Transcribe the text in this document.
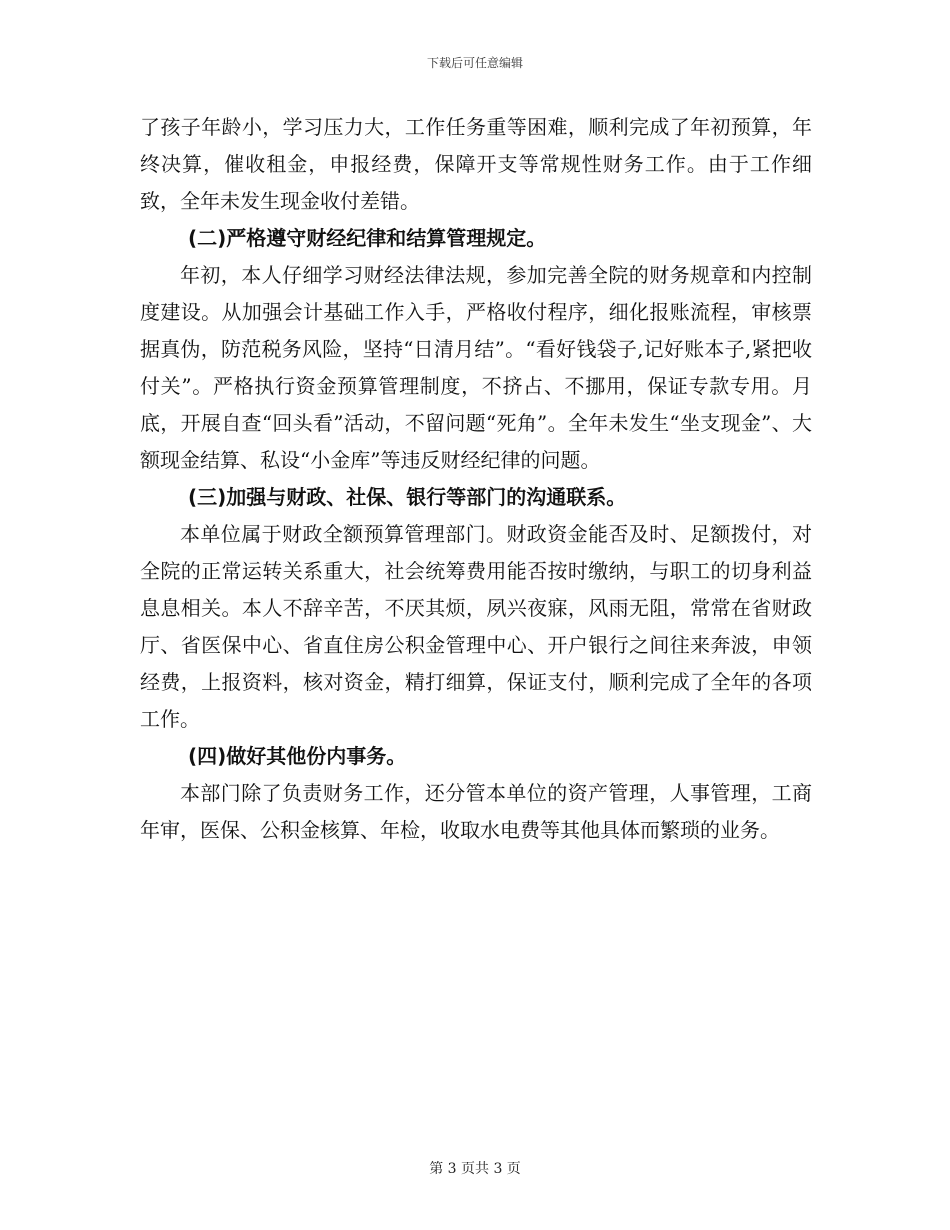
下载后可任意编辑

了孩子年龄小，学习压力大，工作任务重等困难，顺利完成了年初预算，年终决算，催收租金，申报经费，保障开支等常规性财务工作。由于工作细致，全年未发生现金收付差错。

(二)严格遵守财经纪律和结算管理规定。

年初，本人仔细学习财经法律法规，参加完善全院的财务规章和内控制度建设。从加强会计基础工作入手，严格收付程序，细化报账流程，审核票据真伪，防范税务风险，坚持“日清月结”。“看好钱袋子,记好账本子,紧把收付关”。严格执行资金预算管理制度，不挤占、不挪用，保证专款专用。月底，开展自查“回头看”活动，不留问题“死角”。全年未发生“坐支现金”、大额现金结算、私设“小金库”等违反财经纪律的问题。

(三)加强与财政、社保、银行等部门的沟通联系。

本单位属于财政全额预算管理部门。财政资金能否及时、足额拨付，对全院的正常运转关系重大，社会统筹费用能否按时缴纳，与职工的切身利益息息相关。本人不辞辛苦，不厌其烦，夙兴夜寐，风雨无阻，常常在省财政厅、省医保中心、省直住房公积金管理中心、开户银行之间往来奔波，申领经费，上报资料，核对资金，精打细算，保证支付，顺利完成了全年的各项工作。

(四)做好其他份内事务。

本部门除了负责财务工作，还分管本单位的资产管理，人事管理，工商年审，医保、公积金核算、年检，收取水电费等其他具体而繁琐的业务。

第 3 页共 3 页
